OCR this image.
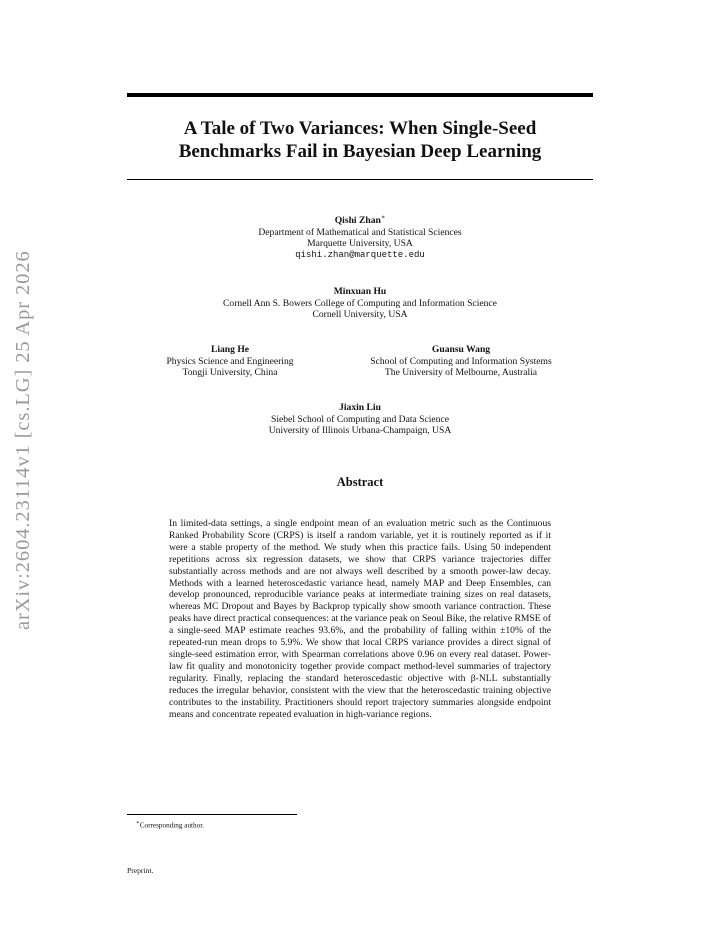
arXiv:2604.23114v1 [cs.LG] 25 Apr 2026
A Tale of Two Variances: When Single-Seed
Benchmarks Fail in Bayesian Deep Learning
Qishi Zhan∗
Department of Mathematical and Statistical Sciences
Marquette University, USA
qishi.zhan@marquette.edu
Minxuan Hu
Cornell Ann S. Bowers College of Computing and Information Science
Cornell University, USA
Liang He
Physics Science and Engineering
Tongji University, China
Guansu Wang
School of Computing and Information Systems
The University of Melbourne, Australia
Jiaxin Liu
Siebel School of Computing and Data Science
University of Illinois Urbana-Champaign, USA
Abstract
In limited-data settings, a single endpoint mean of an evaluation metric such as the Continuous Ranked Probability Score (CRPS) is itself a random variable, yet it is routinely reported as if it were a stable property of the method. We study when this practice fails. Using 50 independent repetitions across six regression datasets, we show that CRPS variance trajectories differ substantially across methods and are not always well described by a smooth power-law decay. Methods with a learned heteroscedastic variance head, namely MAP and Deep Ensembles, can develop pronounced, reproducible variance peaks at intermediate training sizes on real datasets, whereas MC Dropout and Bayes by Backprop typically show smooth variance contraction. These peaks have direct practical consequences: at the variance peak on Seoul Bike, the relative RMSE of a single-seed MAP estimate reaches 93.6%, and the probability of falling within ±10% of the repeated-run mean drops to 5.9%. We show that local CRPS variance provides a direct signal of single-seed estimation error, with Spearman correlations above 0.96 on every real dataset. Power-law fit quality and monotonicity together provide compact method-level summaries of trajectory regularity. Finally, replacing the standard heteroscedastic objective with β-NLL substantially reduces the irregular behavior, consistent with the view that the heteroscedastic training objective contributes to the instability. Practitioners should report trajectory summaries alongside endpoint means and concentrate repeated evaluation in high-variance regions.
∗Corresponding author.
Preprint.
